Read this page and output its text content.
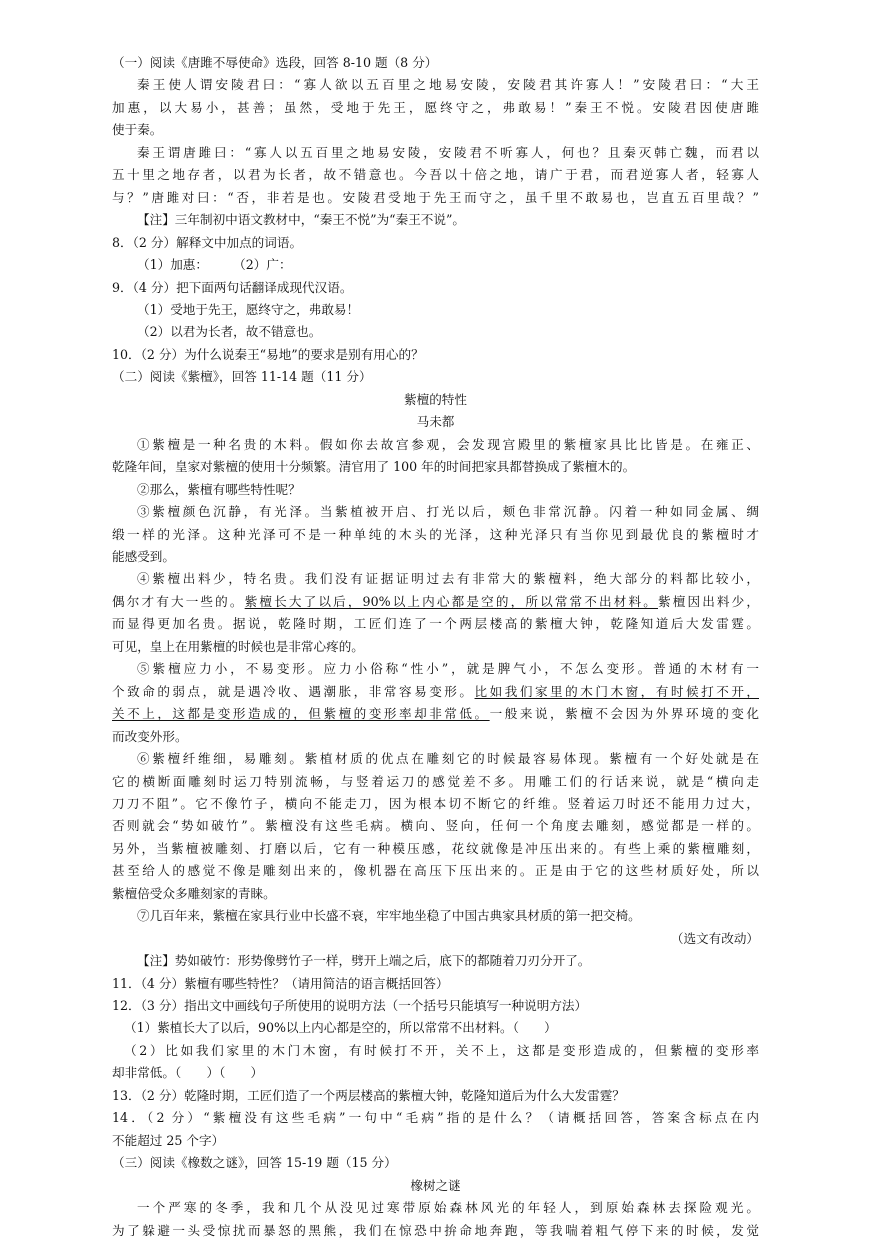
（一）阅读《唐雎不辱使命》选段，回答 8-10 题（8 分）

秦王使人谓安陵君曰：“寡人欲以五百里之地易安陵，安陵君其许寡人！”安陵君曰：“大王

加惠，以大易小，甚善；虽然，受地于先王，愿终守之，弗敢易！”秦王不悦。安陵君因使唐雎

使于秦。

秦王谓唐雎曰：“寡人以五百里之地易安陵，安陵君不听寡人，何也？且秦灭韩亡魏，而君以

五十里之地存者，以君为长者，故不错意也。今吾以十倍之地，请广于君，而君逆寡人者，轻寡人

与？”唐雎对曰：“否，非若是也。安陵君受地于先王而守之，虽千里不敢易也，岂直五百里哉？”

【注】三年制初中语文教材中，“秦王不悦”为“秦王不说”。

8．（2 分）解释文中加点的词语。

（1）加惠：　　　（2）广：

9．（4 分）把下面两句话翻译成现代汉语。

（1）受地于先王，愿终守之，弗敢易！

（2）以君为长者，故不错意也。

10．（2 分）为什么说秦王“易地”的要求是别有用心的？

（二）阅读《紫檀》，回答 11-14 题（11 分）

紫檀的特性

马未都

①紫檀是一种名贵的木料。假如你去故宫参观，会发现宫殿里的紫檀家具比比皆是。在雍正、

乾隆年间，皇家对紫檀的使用十分频繁。清官用了 100 年的时间把家具都替换成了紫檀木的。

②那么，紫檀有哪些特性呢？

③紫檀颜色沉静，有光泽。当紫植被开启、打光以后，颊色非常沉静。闪着一种如同金属、绸

缎一样的光泽。这种光泽可不是一种单纯的木头的光泽，这种光泽只有当你见到最优良的紫檀时才

能感受到。

④紫檀出料少，特名贵。我们没有证据证明过去有非常大的紫檀料，绝大部分的料都比较小，

偶尔才有大一些的。紫檀长大了以后，90%以上内心都是空的，所以常常不出材料。紫檀因出料少，

而显得更加名贵。据说，乾隆时期，工匠们连了一个两层楼高的紫檀大钟，乾隆知道后大发雷霆。

可见，皇上在用紫檀的时候也是非常心疼的。

⑤紫檀应力小，不易变形。应力小俗称“性小”，就是脾气小，不怎么变形。普通的木材有一

个致命的弱点，就是遇冷收、遇潮胀，非常容易变形。比如我们家里的木门木窗，有时候打不开，

关不上，这都是变形造成的，但紫檀的变形率却非常低。一般来说，紫檀不会因为外界环境的变化

而改变外形。

⑥紫檀纤维细，易雕刻。紫植材质的优点在雕刻它的时候最容易体现。紫檀有一个好处就是在

它的横断面雕刻时运刀特别流畅，与竖着运刀的感觉差不多。用雕工们的行话来说，就是“横向走

刀刀不阻”。它不像竹子，横向不能走刀，因为根本切不断它的纤维。竖着运刀时还不能用力过大，

否则就会“势如破竹”。紫檀没有这些毛病。横向、竖向，任何一个角度去雕刻，感觉都是一样的。

另外，当紫檀被雕刻、打磨以后，它有一种模压感，花纹就像是冲压出来的。有些上乘的紫檀雕刻，

甚至给人的感觉不像是雕刻出来的，像机器在高压下压出来的。正是由于它的这些材质好处，所以

紫檀倍受众多雕刻家的青睐。

⑦几百年来，紫檀在家具行业中长盛不衰，牢牢地坐稳了中国古典家具材质的第一把交椅。

（选文有改动）

【注】势如破竹：形势像劈竹子一样，劈开上端之后，底下的都随着刀刃分开了。

11．（4 分）紫檀有哪些特性？（请用简洁的语言概括回答）

12．（3 分）指出文中画线句子所使用的说明方法（一个括号只能填写一种说明方法）

（1）紫植长大了以后，90%以上内心都是空的，所以常常不出材料。（　　）

（2）比如我们家里的木门木窗，有时候打不开，关不上，这都是变形造成的，但紫檀的变形率

却非常低。（　　）（　　）

13．（2 分）乾隆时期，工匠们造了一个两层楼高的紫檀大钟，乾隆知道后为什么大发雷霆？

14．（2 分）“紫檀没有这些毛病”一句中“毛病”指的是什么？（请概括回答，答案含标点在内

不能超过 25 个字）

（三）阅读《橡数之谜》，回答 15-19 题（15 分）

橡树之谜

一个严寒的冬季，我和几个从没见过寒带原始森林风光的年轻人，到原始森林去探险观光。

为了躲避一头受惊扰而暴怒的黑熊，我们在惊恐中拚命地奔跑，等我喘着粗气停下来的时候，发觉
